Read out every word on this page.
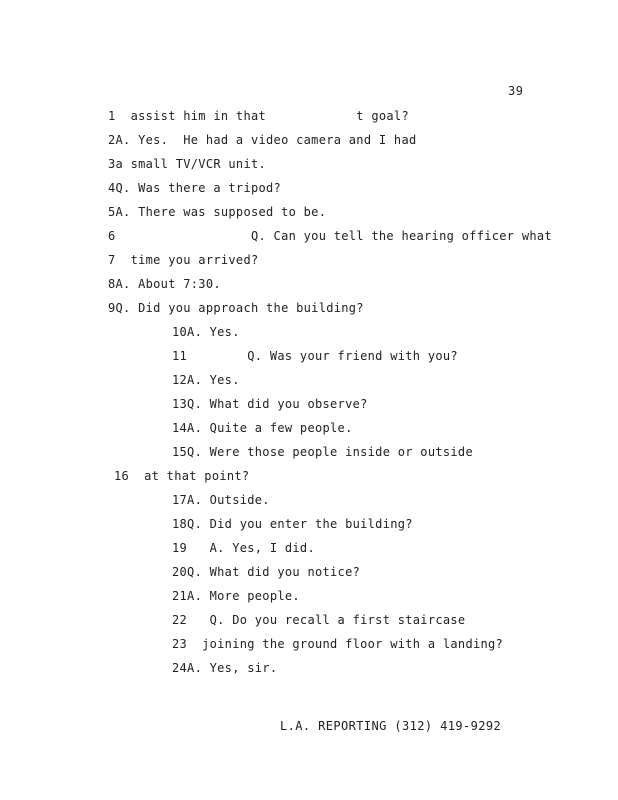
39
1  assist him in that            t goal?
2A. Yes.  He had a video camera and I had
3a small TV/VCR unit.
4Q. Was there a tripod?
5A. There was supposed to be.
6                  Q. Can you tell the hearing officer what
7  time you arrived?
8A. About 7:30.
9Q. Did you approach the building?
10A. Yes.
11        Q. Was your friend with you?
12A. Yes.
13Q. What did you observe?
14A. Quite a few people.
15Q. Were those people inside or outside
16  at that point?
17A. Outside.
18Q. Did you enter the building?
19   A. Yes, I did.
20Q. What did you notice?
21A. More people.
22   Q. Do you recall a first staircase
23  joining the ground floor with a landing?
24A. Yes, sir.
L.A. REPORTING (312) 419-9292
